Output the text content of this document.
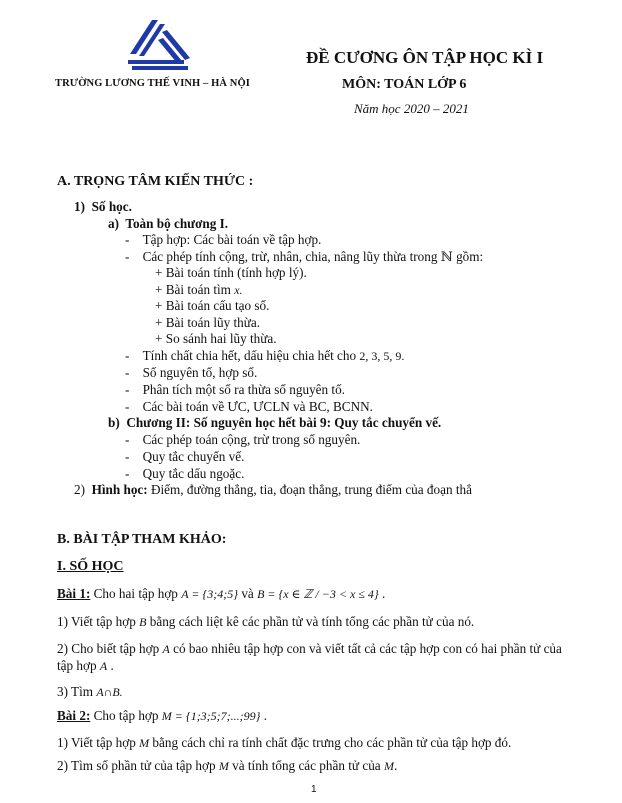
TRƯỜNG LƯƠNG THẾ VINH – HÀ NỘI
ĐỀ CƯƠNG ÔN TẬP HỌC KÌ I
MÔN: TOÁN LỚP 6
Năm học 2020 – 2021
A. TRỌNG TÂM KIẾN THỨC :
1) Số học.
a) Toàn bộ chương I.
-    Tập hợp: Các bài toán về tập hợp.
-    Các phép tính cộng, trừ, nhân, chia, nâng lũy thừa trong ℕ gồm:
+ Bài toán tính (tính hợp lý).
+ Bài toán tìm x.
+ Bài toán cấu tạo số.
+ Bài toán lũy thừa.
+ So sánh hai lũy thừa.
-    Tính chất chia hết, dấu hiệu chia hết cho 2, 3, 5, 9.
-    Số nguyên tố, hợp số.
-    Phân tích một số ra thừa số nguyên tố.
-    Các bài toán về ƯC, ƯCLN và BC, BCNN.
b) Chương II: Số nguyên học hết bài 9: Quy tắc chuyển vế.
-    Các phép toán cộng, trừ trong số nguyên.
-    Quy tắc chuyển vế.
-    Quy tắc dấu ngoặc.
2) Hình học: Điểm, đường thẳng, tia, đoạn thẳng, trung điểm của đoạn thẳ
B. BÀI TẬP THAM KHẢO:
I. SỐ HỌC
Bài 1: Cho hai tập hợp A = {3;4;5} và B = {x ∈ ℤ / −3 < x ≤ 4} .
1) Viết tập hợp B bằng cách liệt kê các phần tử và tính tổng các phần tử của nó.
2) Cho biết tập hợp A có bao nhiêu tập hợp con và viết tất cả các tập hợp con có hai phần tử của
tập hợp A .
3) Tìm A∩B.
Bài 2: Cho tập hợp M = {1;3;5;7;...;99} .
1) Viết tập hợp M bằng cách chỉ ra tính chất đặc trưng cho các phần tử của tập hợp đó.
2) Tìm số phần tử của tập hợp M và tính tổng các phần tử của M.
1
